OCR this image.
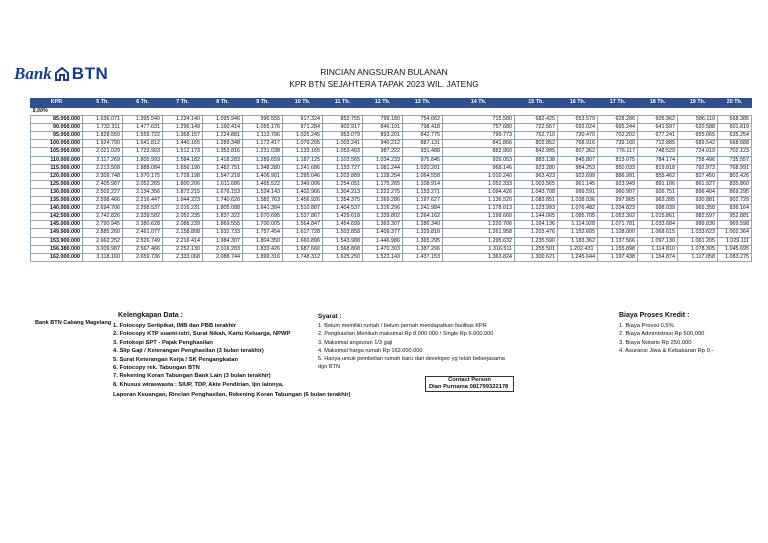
Bank BTN	RINCIAN ANGSURAN BULANAN
KPR BTN SEJAHTERA TAPAK 2023 WIL. JATENG
KPR	5 Th.	6 Th.	7 Th.	8 Th.	9 Th.	10 Th.	11 Th.	12 Th.	13 Th.	14 Th.	15 Th.	16 Th.	17 Th.	18 Th.	19 Th.	20 Th.
5,00%																
85.000.000	1.636.071	1.395.540	1.224.140	1.095.946	996.555	917.324	852.755	799.180	754.062	715.580	682.425	653.579	628.286	605.962	586.110	568.385
90.000.000	1.732.311	1.477.631	1.296.149	1.160.414	1.055.176	971.284	902.917	846.191	798.418	757.680	722.567	692.024	665.244	641.597	620.588	601.819
95.000.000	1.828.550	1.559.722	1.368.157	1.224.881	1.113.796	1.025.245	953.079	893.201	842.775	799.773	762.710	730.470	702.202	677.241	655.065	635.254
100.000.000	1.924.790	1.641.812	1.440.165	1.289.348	1.172.417	1.079.205	1.003.241	940.212	887.131	841.866	802.852	768.916	739.160	712.885	689.542	668.688
105.000.000	2.021.029	1.723.903	1.512.173	1.353.816	1.231.038	1.133.165	1.053.403	987.222	931.488	883.960	842.995	807.362	776.117	748.529	724.019	702.123
110.000.000	2.117.269	1.805.993	1.584.182	1.418.283	1.289.659	1.187.125	1.103.565	1.034.233	975.845	926.053	883.138	845.807	813.075	784.174	758.496	735.557
115.000.000	2.213.508	1.888.084	1.656.190	1.482.751	1.348.280	1.241.086	1.153.727	1.081.244	1.020.201	968.146	923.280	884.253	850.033	819.818	792.973	768.991
120.000.000	2.309.748	1.970.175	1.728.198	1.547.218	1.406.901	1.295.046	1.203.889	1.128.254	1.064.558	1.010.240	963.423	922.699	886.991	855.462	827.450	802.426
125.000.000	2.405.987	2.052.265	1.800.206	1.611.686	1.465.522	1.349.006	1.254.051	1.175.265	1.108.914	1.052.333	1.003.565	961.145	923.949	891.106	861.927	835.860
130.000.000	2.502.227	2.134.356	1.872.215	1.676.153	1.524.143	1.402.966	1.304.213	1.222.275	1.153.271	1.094.426	1.043.708	999.591	960.907	926.751	896.404	869.295
135.000.000	2.598.466	2.216.447	1.944.223	1.740.620	1.582.763	1.456.926	1.354.375	1.269.286	1.197.627	1.136.520	1.083.851	1.038.036	997.865	962.395	930.881	902.729
140.000.000	2.694.706	2.298.537	2.016.231	1.805.088	1.641.384	1.510.887	1.404.537	1.316.296	1.241.984	1.178.613	1.123.993	1.076.482	1.034.823	998.039	965.358	936.164
142.500.000	2.742.826	2.339.582	2.052.235	1.837.322	1.670.695	1.537.867	1.429.618	1.339.802	1.264.162	1.199.660	1.144.065	1.095.705	1.053.302	1.015.861	982.597	952.881
145.000.000	2.790.945	2.380.628	2.088.239	1.869.555	1.700.005	1.564.847	1.454.699	1.363.307	1.286.340	1.220.706	1.164.136	1.114.928	1.071.781	1.033.684	999.836	969.598
149.900.000	2.885.260	2.461.077	2.158.808	1.932.733	1.757.454	1.617.728	1.503.858	1.409.377	1.329.810	1.261.958	1.203.476	1.152.605	1.108.000	1.068.615	1.033.623	1.002.364
153.900.000	2.962.252	2.526.749	2.216.414	1.984.307	1.804.350	1.660.896	1.543.988	1.446.986	1.365.295	1.295.632	1.235.590	1.183.362	1.137.566	1.097.130	1.061.205	1.029.111
156.380.000	3.009.987	2.567.466	2.252.130	2.016.283	1.833.426	1.687.660	1.568.868	1.470.303	1.387.296	1.316.511	1.255.501	1.202.431	1.155.898	1.114.810	1.078.305	1.045.695
162.000.000	3.118.160	2.659.736	2.333.068	2.088.744	1.899.316	1.748.312	1.625.250	1.523.143	1.437.153	1.363.824	1.300.621	1.245.644	1.197.438	1.154.874	1.117.058	1.083.275
Bank BTN Cabang Magelang
Kelengkapan Data :
1. Fotocopy Sertipikat, IMB dan PBB terakhir
2. Fotocopy KTP suami-istri, Surat Nikah, Kartu Keluarga, NPWP
3. Fotokopi SPT - Pajak Penghasilan
4. Slip Gaji / Keterangan Penghasilan (3 bulan terakhir)
5. Surat Keterangan Kerja / SK Pengangkatan
6. Fotocopy rek. Tabungan BTN
7. Rekening Koran Tabungan Bank Lain (3 bulan terakhir)
8. Khusus wiraswasta : SIUP, TDP, Akte Pendirian, Ijin lainnya,
Laporan Keuangan, Rincian Penghasilan, Rekening Koran Tabungan (6 bulan terakhir)
Syarat :
1. Belum memiliki rumah / belum pernah mendapatkan fasilitas KPR
2. Penghasilan Menikah maksimal Rp 8.000.000 / Single Rp 6.000.000
3. Maksimal angsuran 1/3 gaji
4. Maksimal harga rumah Rp 162.000.000
5. Hanya untuk pembelian rumah baru dari developer yg telah bekerjasama
dgn BTN
Contact Person
Dian Purnama 081799322178
Biaya Proses Kredit :
1. Biaya Provisi 0,5%
2. Biaya Administrasi Rp 500,000
3. Biaya Notaris Rp 250.000
4. Asuransi Jiwa & Kebakaran Rp 0,-
